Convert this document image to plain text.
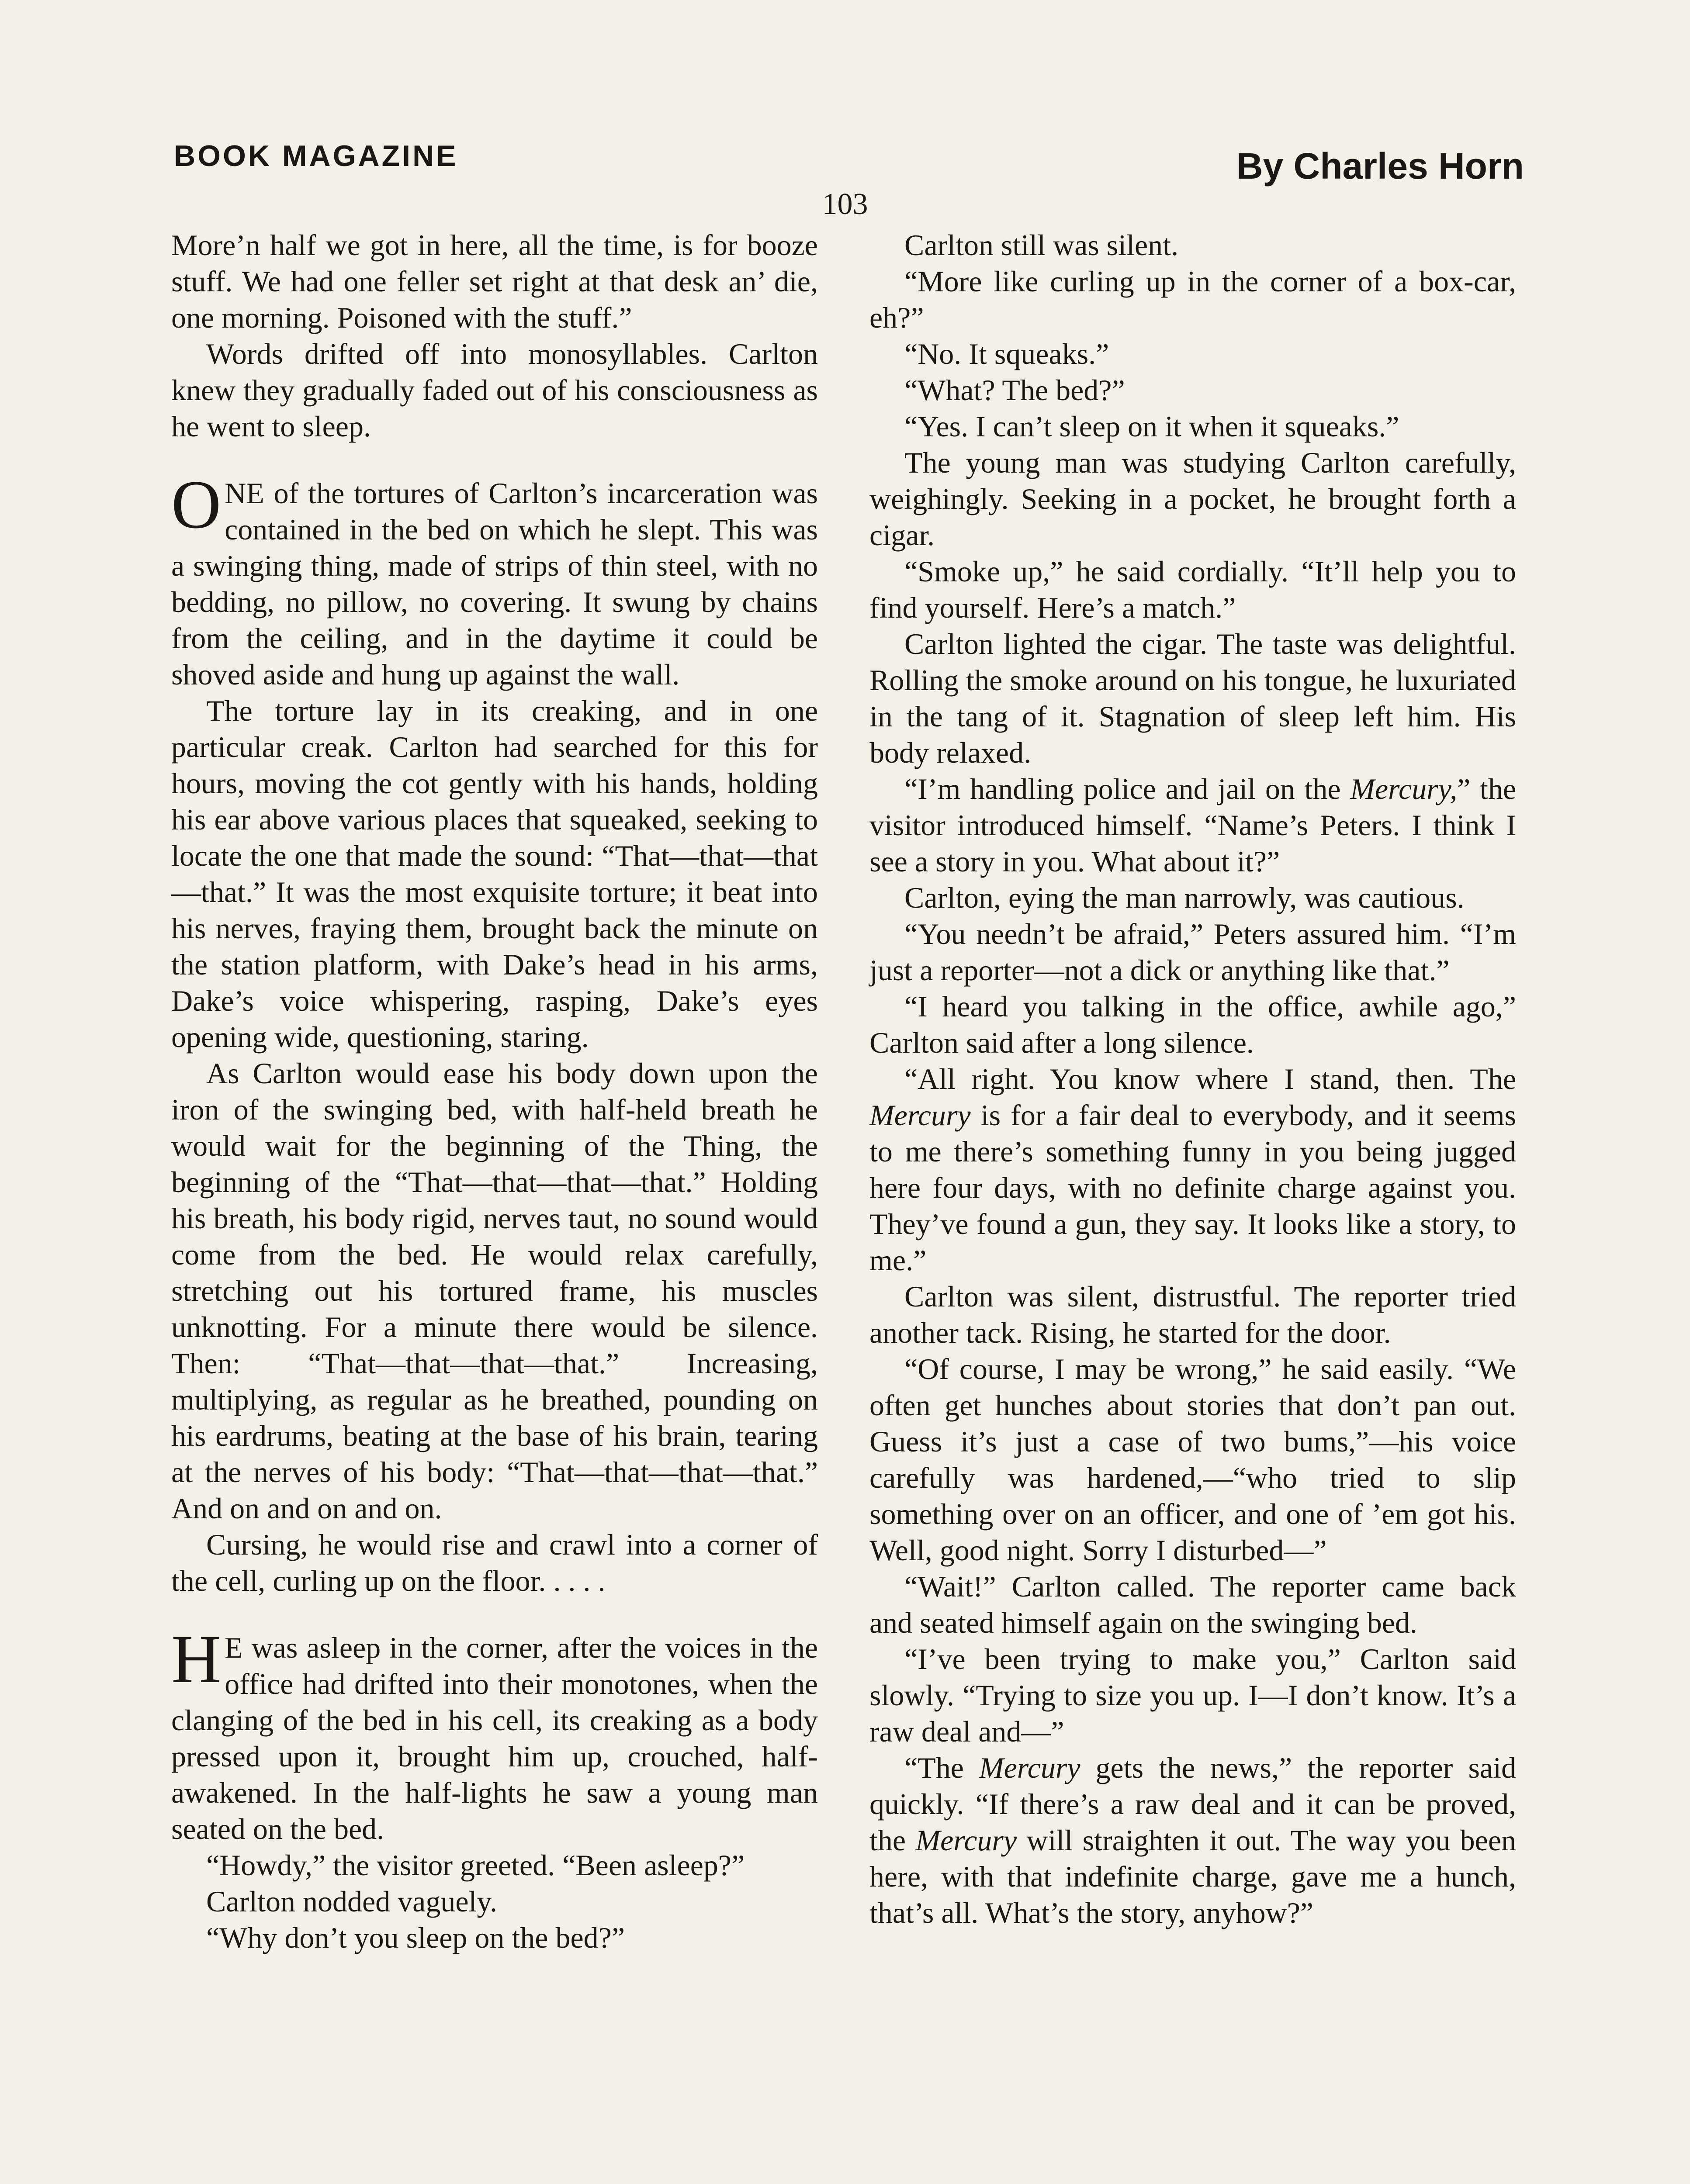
BOOK MAGAZINE	By Charles Horn
103

More’n half we got in here, all the time, is for booze stuff. We had one feller set right at that desk an’ die, one morning. Poisoned with the stuff.”

Words drifted off into monosyllables. Carlton knew they gradually faded out of his consciousness as he went to sleep.

ONE of the tortures of Carlton’s incarceration was contained in the bed on which he slept. This was a swinging thing, made of strips of thin steel, with no bedding, no pillow, no covering. It swung by chains from the ceiling, and in the daytime it could be shoved aside and hung up against the wall.

The torture lay in its creaking, and in one particular creak. Carlton had searched for this for hours, moving the cot gently with his hands, holding his ear above various places that squeaked, seeking to locate the one that made the sound: “That—that—that—that.” It was the most exquisite torture; it beat into his nerves, fraying them, brought back the minute on the station platform, with Dake’s head in his arms, Dake’s voice whispering, rasping, Dake’s eyes opening wide, questioning, staring.

As Carlton would ease his body down upon the iron of the swinging bed, with half-held breath he would wait for the beginning of the Thing, the beginning of the “That—that—that—that.” Holding his breath, his body rigid, nerves taut, no sound would come from the bed. He would relax carefully, stretching out his tortured frame, his muscles unknotting. For a minute there would be silence. Then: “That—that—that—that.” Increasing, multiplying, as regular as he breathed, pounding on his eardrums, beating at the base of his brain, tearing at the nerves of his body: “That—that—that—that.” And on and on and on.

Cursing, he would rise and crawl into a corner of the cell, curling up on the floor. . . . .

H E was asleep in the corner, after the voices in the office had drifted into their monotones, when the clanging of the bed in his cell, its creaking as a body pressed upon it, brought him up, crouched, half-awakened. In the half-lights he saw a young man seated on the bed.

“Howdy,” the visitor greeted. “Been asleep?”

Carlton nodded vaguely.

“Why don’t you sleep on the bed?”

Carlton still was silent.

“More like curling up in the corner of a box-car, eh?”

“No. It squeaks.”

“What? The bed?”

“Yes. I can’t sleep on it when it squeaks.”

The young man was studying Carlton carefully, weighingly. Seeking in a pocket, he brought forth a cigar.

“Smoke up,” he said cordially. “It’ll help you to find yourself. Here’s a match.”

Carlton lighted the cigar. The taste was delightful. Rolling the smoke around on his tongue, he luxuriated in the tang of it. Stagnation of sleep left him. His body relaxed.

“I’m handling police and jail on the Mercury,” the visitor introduced himself. “Name’s Peters. I think I see a story in you. What about it?”

Carlton, eying the man narrowly, was cautious.

“You needn’t be afraid,” Peters assured him. “I’m just a reporter—not a dick or anything like that.”

“I heard you talking in the office, awhile ago,” Carlton said after a long silence.

“All right. You know where I stand, then. The Mercury is for a fair deal to everybody, and it seems to me there’s something funny in you being jugged here four days, with no definite charge against you. They’ve found a gun, they say. It looks like a story, to me.”

Carlton was silent, distrustful. The reporter tried another tack. Rising, he started for the door.

“Of course, I may be wrong,” he said easily. “We often get hunches about stories that don’t pan out. Guess it’s just a case of two bums,”—his voice carefully was hardened,—“who tried to slip something over on an officer, and one of ’em got his. Well, good night. Sorry I disturbed—”

“Wait!” Carlton called. The reporter came back and seated himself again on the swinging bed.

“I’ve been trying to make you,” Carlton said slowly. “Trying to size you up. I—I don’t know. It’s a raw deal and—”

“The Mercury gets the news,” the reporter said quickly. “If there’s a raw deal and it can be proved, the Mercury will straighten it out. The way you been here, with that indefinite charge, gave me a hunch, that’s all. What’s the story, anyhow?”
